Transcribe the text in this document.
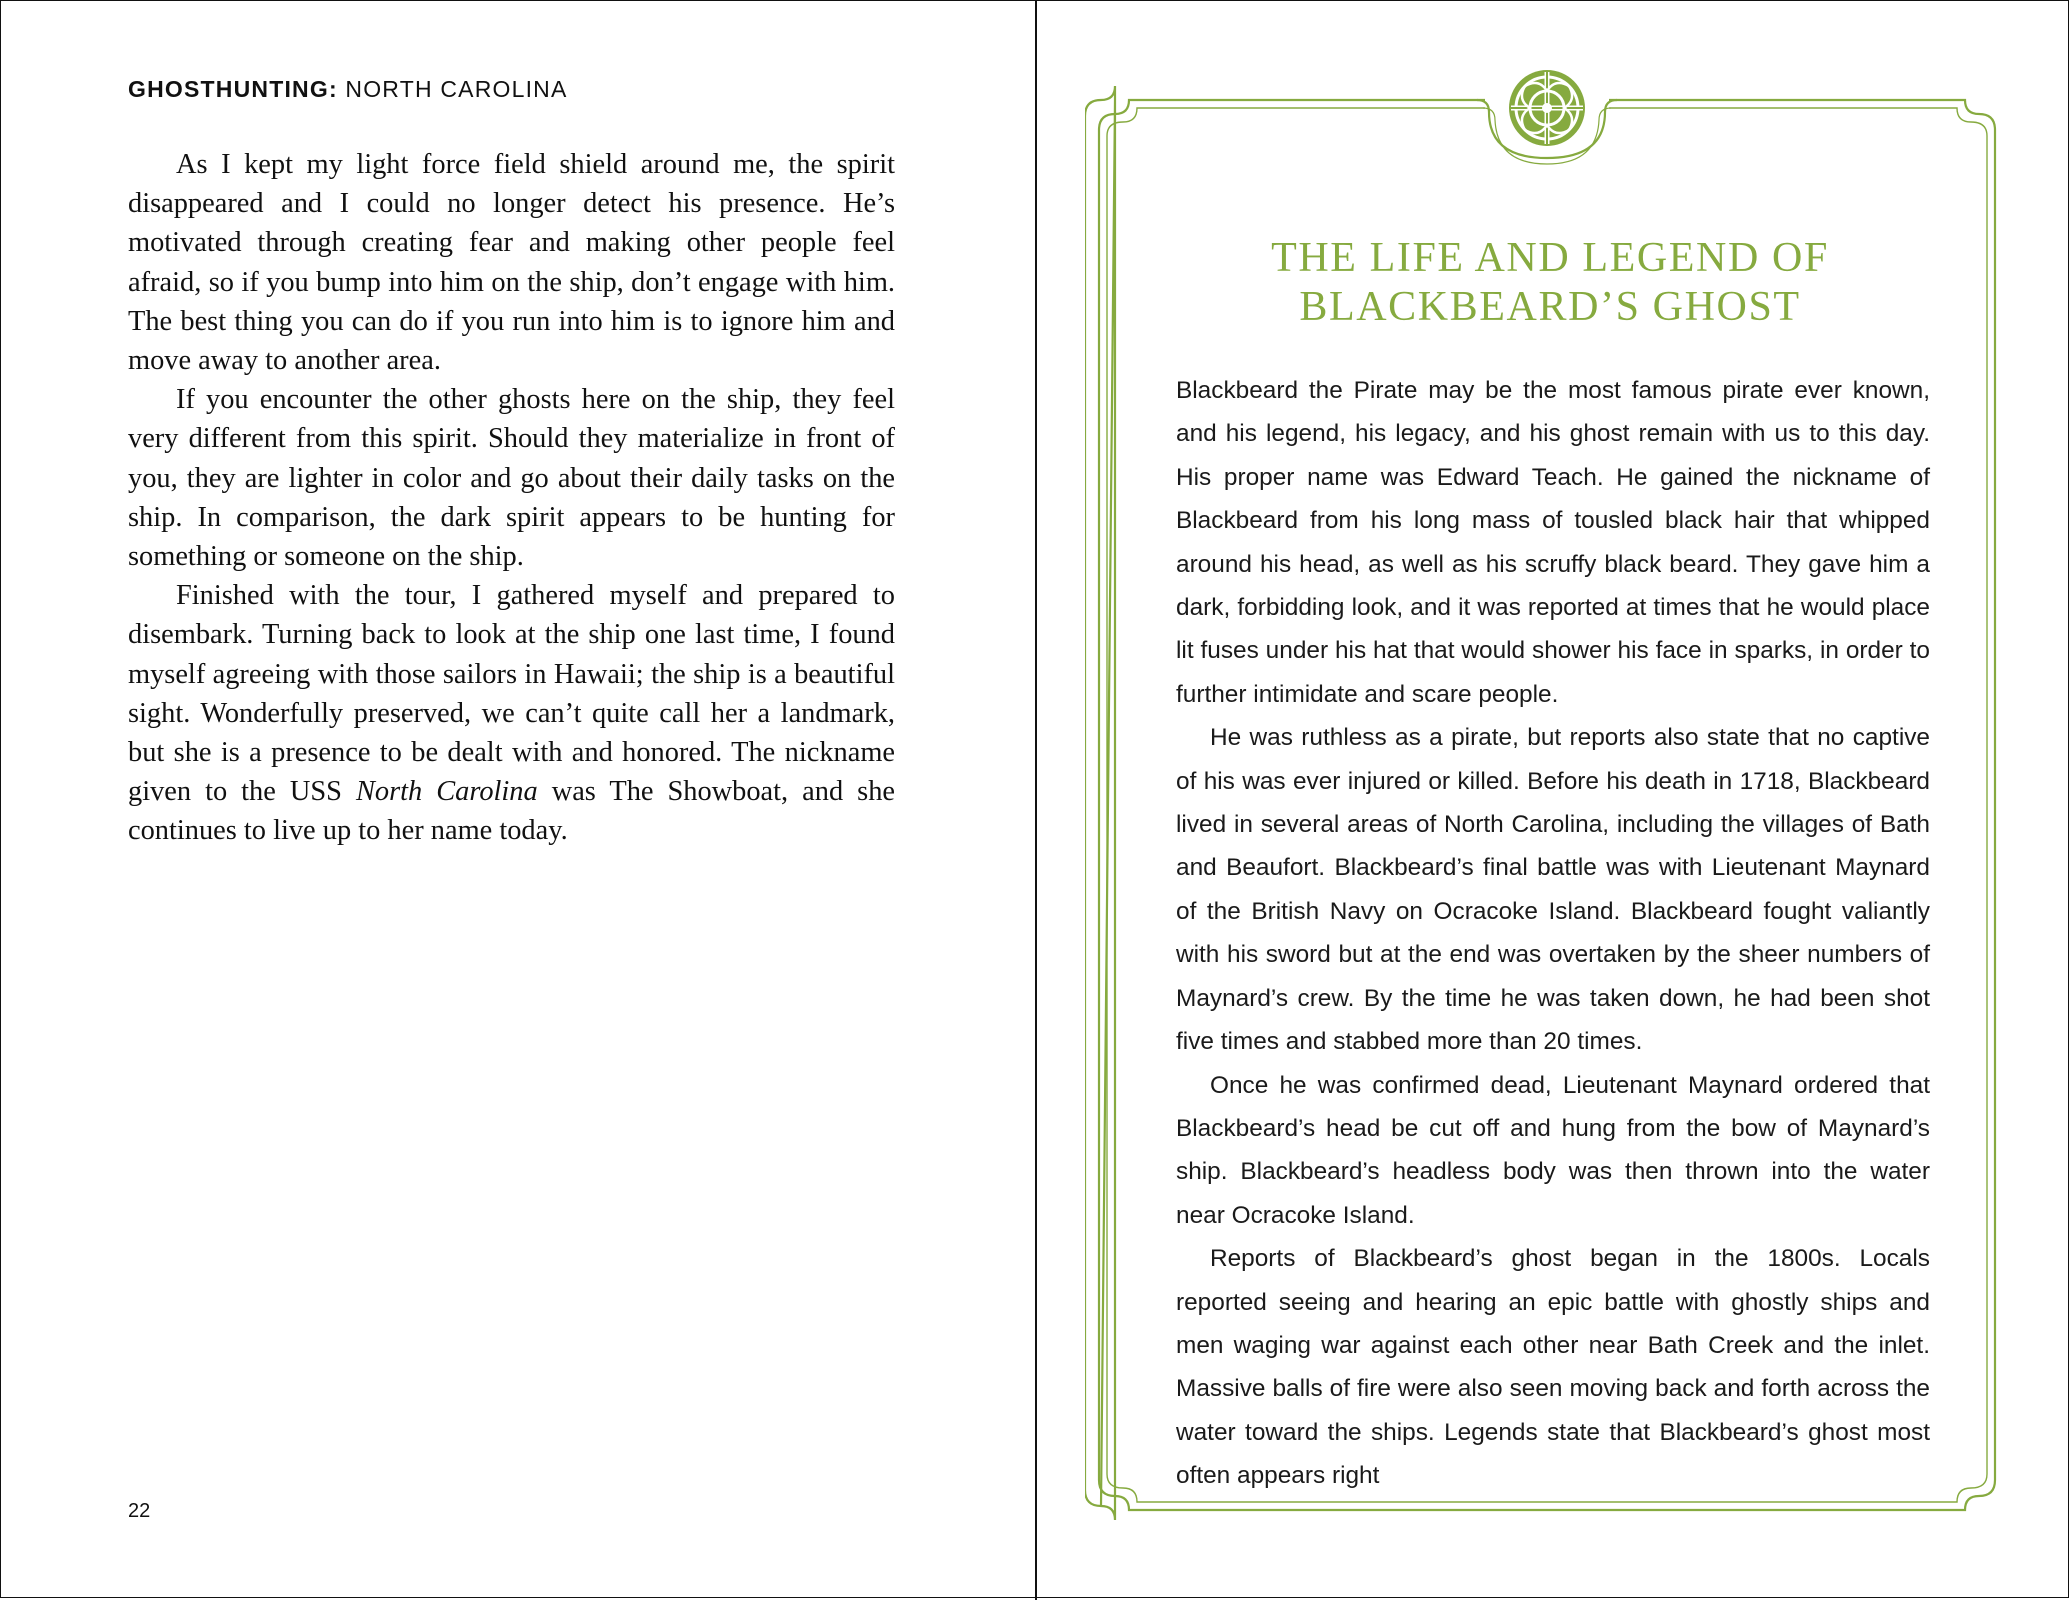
GHOSTHUNTING: NORTH CAROLINA

As I kept my light force field shield around me, the spirit disappeared and I could no longer detect his presence. He’s motivated through creating fear and making other people feel afraid, so if you bump into him on the ship, don’t engage with him. The best thing you can do if you run into him is to ignore him and move away to another area.

If you encounter the other ghosts here on the ship, they feel very different from this spirit. Should they materialize in front of you, they are lighter in color and go about their daily tasks on the ship. In comparison, the dark spirit appears to be hunting for something or someone on the ship.

Finished with the tour, I gathered myself and prepared to disembark. Turning back to look at the ship one last time, I found myself agreeing with those sailors in Hawaii; the ship is a beautiful sight. Wonderfully preserved, we can’t quite call her a landmark, but she is a presence to be dealt with and honored. The nickname given to the USS North Carolina was The Showboat, and she continues to live up to her name today.

22
THE LIFE AND LEGEND OF
BLACKBEARD’S GHOST

Blackbeard the Pirate may be the most famous pirate ever known, and his legend, his legacy, and his ghost remain with us to this day. His proper name was Edward Teach. He gained the nickname of Blackbeard from his long mass of tousled black hair that whipped around his head, as well as his scruffy black beard. They gave him a dark, forbidding look, and it was reported at times that he would place lit fuses under his hat that would shower his face in sparks, in order to further intimidate and scare people.

He was ruthless as a pirate, but reports also state that no captive of his was ever injured or killed. Before his death in 1718, Blackbeard lived in several areas of North Carolina, including the villages of Bath and Beaufort. Blackbeard’s final battle was with Lieutenant Maynard of the British Navy on Ocracoke Island. Blackbeard fought valiantly with his sword but at the end was overtaken by the sheer numbers of Maynard’s crew. By the time he was taken down, he had been shot five times and stabbed more than 20 times.

Once he was confirmed dead, Lieutenant Maynard ordered that Blackbeard’s head be cut off and hung from the bow of Maynard’s ship. Blackbeard’s headless body was then thrown into the water near Ocracoke Island.

Reports of Blackbeard’s ghost began in the 1800s. Locals reported seeing and hearing an epic battle with ghostly ships and men waging war against each other near Bath Creek and the inlet. Massive balls of fire were also seen moving back and forth across the water toward the ships. Legends state that Blackbeard’s ghost most often appears right
